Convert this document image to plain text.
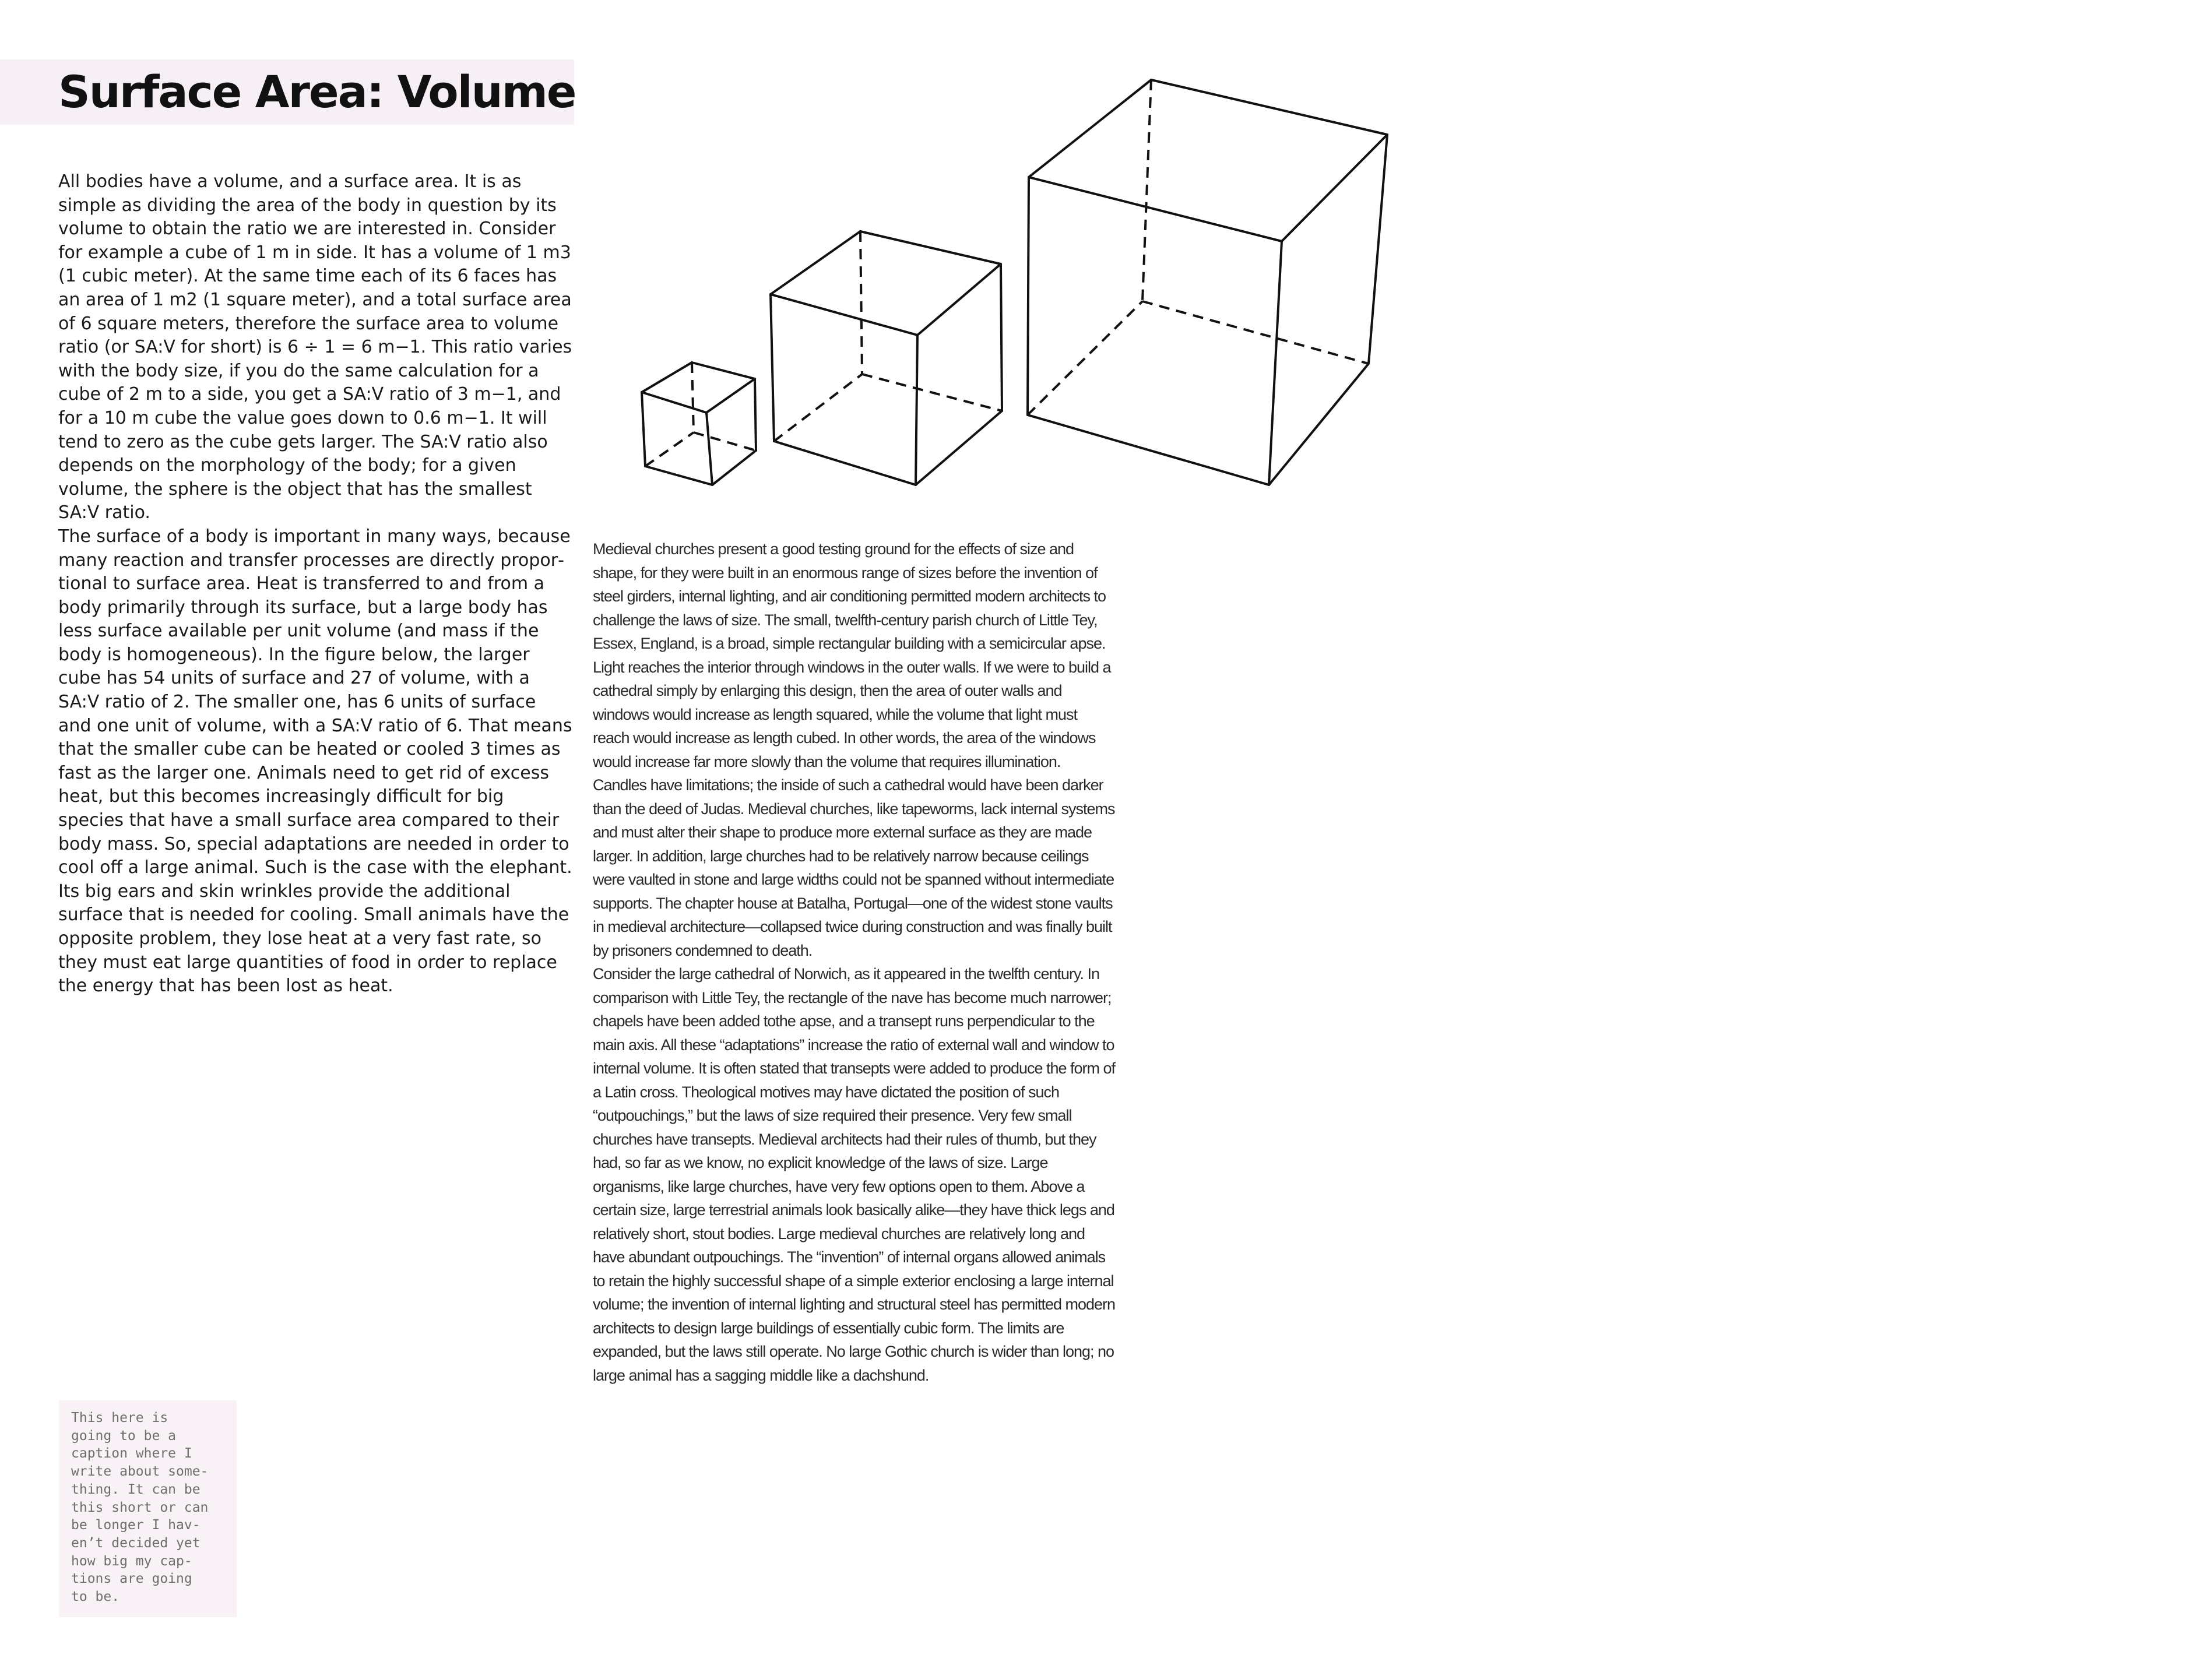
Surface Area: Volume

All bodies have a volume, and a surface area. It is as simple as dividing the area of the body in question by its volume to obtain the ratio we are interested in. Consider for example a cube of 1 m in side. It has a volume of 1 m3 (1 cubic meter). At the same time each of its 6 faces has an area of 1 m2 (1 square meter), and a total surface area of 6 square meters, therefore the surface area to volume ratio (or SA:V for short) is 6 ÷ 1 = 6 m−1. This ratio varies with the body size, if you do the same calculation for a cube of 2 m to a side, you get a SA:V ratio of 3 m−1, and for a 10 m cube the value goes down to 0.6 m−1. It will tend to zero as the cube gets larger. The SA:V ratio also depends on the morphology of the body; for a given volume, the sphere is the object that has the smallest SA:V ratio.

The surface of a body is important in many ways, because many reaction and transfer processes are directly proportional to surface area. Heat is transferred to and from a body primarily through its surface, but a large body has less surface available per unit volume (and mass if the body is homogeneous). In the figure below, the larger cube has 54 units of surface and 27 of volume, with a SA:V ratio of 2. The smaller one, has 6 units of surface and one unit of volume, with a SA:V ratio of 6. That means that the smaller cube can be heated or cooled 3 times as fast as the larger one. Animals need to get rid of excess heat, but this becomes increasingly difficult for big species that have a small surface area compared to their body mass. So, special adaptations are needed in order to cool off a large animal. Such is the case with the elephant. Its big ears and skin wrinkles provide the additional surface that is needed for cooling. Small animals have the opposite problem, they lose heat at a very fast rate, so they must eat large quantities of food in order to replace the energy that has been lost as heat.

Medieval churches present a good testing ground for the effects of size and shape, for they were built in an enormous range of sizes before the invention of steel girders, internal lighting, and air conditioning permitted modern architects to challenge the laws of size. The small, twelfth-century parish church of Little Tey, Essex, England, is a broad, simple rectangular building with a semicircular apse. Light reaches the interior through windows in the outer walls. If we were to build a cathedral simply by enlarging this design, then the area of outer walls and windows would increase as length squared, while the volume that light must reach would increase as length cubed. In other words, the area of the windows would increase far more slowly than the volume that requires illumination. Candles have limitations; the inside of such a cathedral would have been darker than the deed of Judas. Medieval churches, like tapeworms, lack internal systems and must alter their shape to produce more external surface as they are made larger. In addition, large churches had to be relatively narrow because ceilings were vaulted in stone and large widths could not be spanned without intermediate supports. The chapter house at Batalha, Portugal—one of the widest stone vaults in medieval architecture—collapsed twice during construction and was finally built by prisoners condemned to death.

Consider the large cathedral of Norwich, as it appeared in the twelfth century. In comparison with Little Tey, the rectangle of the nave has become much narrower; chapels have been added tothe apse, and a transept runs perpendicular to the main axis. All these “adaptations” increase the ratio of external wall and window to internal volume. It is often stated that transepts were added to produce the form of a Latin cross. Theological motives may have dictated the position of such “outpouchings,” but the laws of size required their presence. Very few small churches have transepts. Medieval architects had their rules of thumb, but they had, so far as we know, no explicit knowledge of the laws of size. Large organisms, like large churches, have very few options open to them. Above a certain size, large terrestrial animals look basically alike—they have thick legs and relatively short, stout bodies. Large medieval churches are relatively long and have abundant outpouchings. The “invention” of internal organs allowed animals to retain the highly successful shape of a simple exterior enclosing a large internal volume; the invention of internal lighting and structural steel has permitted modern architects to design large buildings of essentially cubic form. The limits are expanded, but the laws still operate. No large Gothic church is wider than long; no large animal has a sagging middle like a dachshund.

This here is
going to be a
caption where I
write about some-
thing. It can be
this short or can
be longer I hav-
en’t decided yet
how big my cap-
tions are going
to be.
